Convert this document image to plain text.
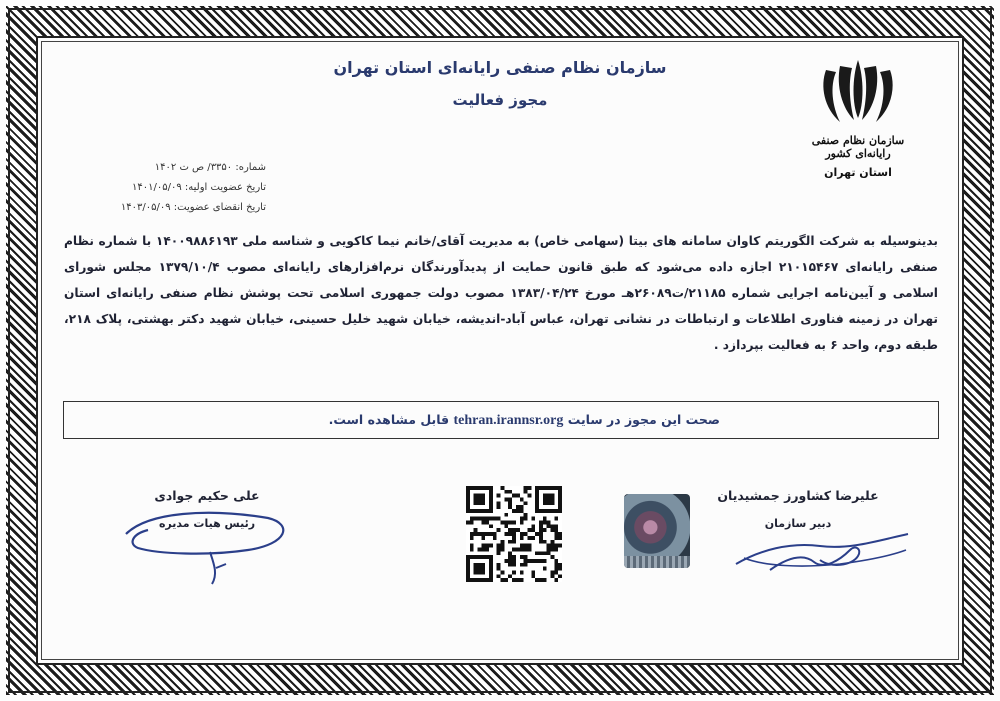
سازمان نظام صنفی رایانه‌ای استان تهران

مجوز فعالیت

سازمان نظام صنفی رایانه‌ای کشور
استان تهران
شماره: ۳۳۵۰/ ص ت ۱۴۰۲
تاریخ عضویت اولیه: ۱۴۰۱/۰۵/۰۹
تاریخ انقضای عضویت: ۱۴۰۳/۰۵/۰۹
بدینوسیله به شرکت الگوریتم کاوان سامانه های بیتا (سهامی خاص) به مدیریت آقای/خانم نیما کاکویی و شناسه ملی ۱۴۰۰۹۸۸۶۱۹۳ با شماره نظام صنفی رایانه‌ای ۲۱۰۱۵۴۶۷ اجازه داده می‌شود که طبق قانون حمایت از پدیدآورندگان نرم‌افزارهای رایانه‌ای مصوب ۱۳۷۹/۱۰/۴ مجلس شورای اسلامی و آیین‌نامه اجرایی شماره ۲۱۱۸۵/ت۲۶۰۸۹هـ مورخ ۱۳۸۳/۰۴/۲۴ مصوب دولت جمهوری اسلامی تحت پوشش نظام صنفی رایانه‌ای استان تهران در زمینه فناوری اطلاعات و ارتباطات در نشانی تهران، عباس آباد-اندیشه، خیابان شهید خلیل حسینی، خیابان شهید دکتر بهشتی، پلاک ۲۱۸، طبقه دوم، واحد ۶ به فعالیت بپردازد .
صحت این مجوز در سایت tehran.irannsr.org قابل مشاهده است.
علی حکیم جوادی
رئیس هیات مدیره
علیرضا کشاورز جمشیدیان
دبیر سازمان
